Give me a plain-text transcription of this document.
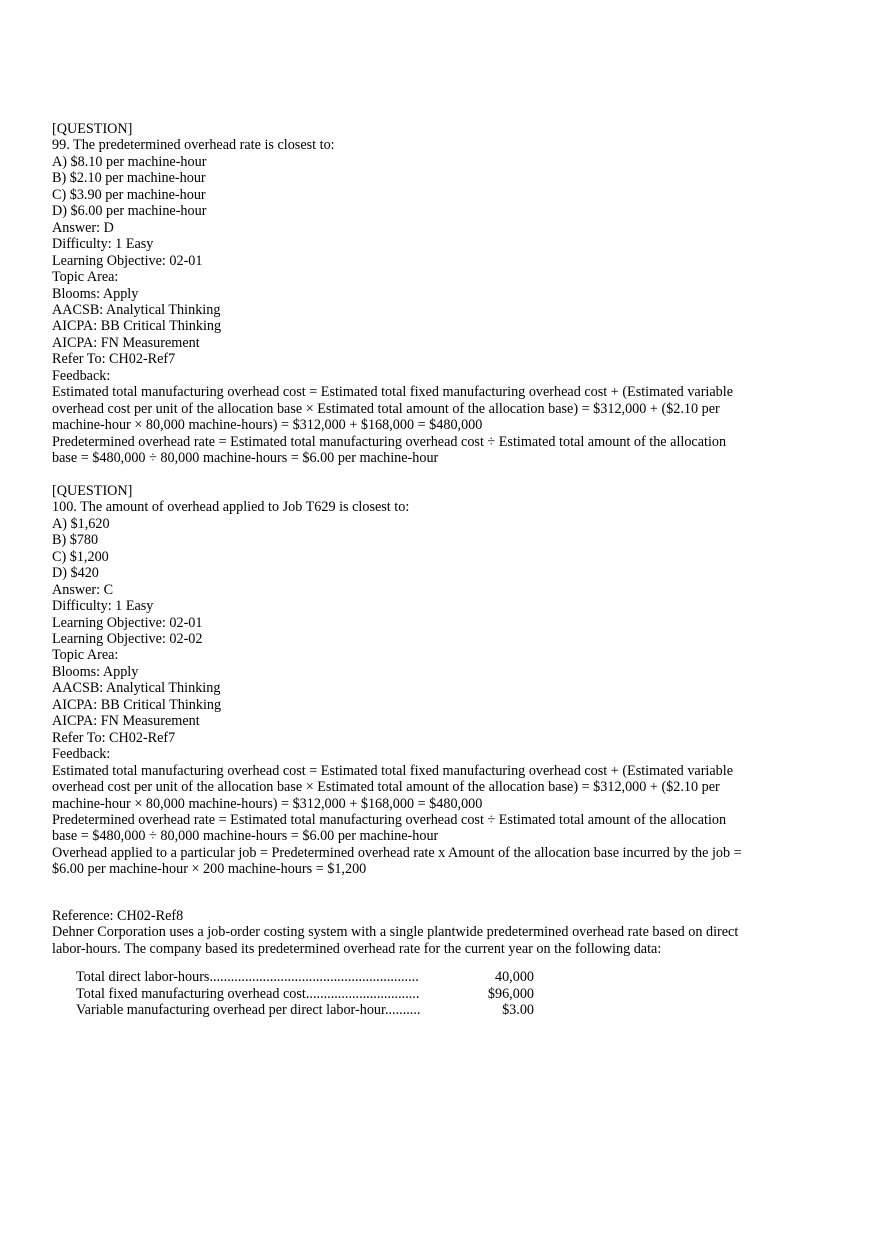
[QUESTION]
99. The predetermined overhead rate is closest to:
A) $8.10 per machine-hour
B) $2.10 per machine-hour
C) $3.90 per machine-hour
D) $6.00 per machine-hour
Answer: D
Difficulty: 1 Easy
Learning Objective: 02-01
Topic Area:
Blooms: Apply
AACSB: Analytical Thinking
AICPA: BB Critical Thinking
AICPA: FN Measurement
Refer To: CH02-Ref7
Feedback:
Estimated total manufacturing overhead cost = Estimated total fixed manufacturing overhead cost + (Estimated variable
overhead cost per unit of the allocation base × Estimated total amount of the allocation base) = $312,000 + ($2.10 per
machine-hour × 80,000 machine-hours) = $312,000 + $168,000 = $480,000
Predetermined overhead rate = Estimated total manufacturing overhead cost ÷ Estimated total amount of the allocation
base = $480,000 ÷ 80,000 machine-hours = $6.00 per machine-hour
[QUESTION]
100. The amount of overhead applied to Job T629 is closest to:
A) $1,620
B) $780
C) $1,200
D) $420
Answer: C
Difficulty: 1 Easy
Learning Objective: 02-01
Learning Objective: 02-02
Topic Area:
Blooms: Apply
AACSB: Analytical Thinking
AICPA: BB Critical Thinking
AICPA: FN Measurement
Refer To: CH02-Ref7
Feedback:
Estimated total manufacturing overhead cost = Estimated total fixed manufacturing overhead cost + (Estimated variable
overhead cost per unit of the allocation base × Estimated total amount of the allocation base) = $312,000 + ($2.10 per
machine-hour × 80,000 machine-hours) = $312,000 + $168,000 = $480,000
Predetermined overhead rate = Estimated total manufacturing overhead cost ÷ Estimated total amount of the allocation
base = $480,000 ÷ 80,000 machine-hours = $6.00 per machine-hour
Overhead applied to a particular job = Predetermined overhead rate x Amount of the allocation base incurred by the job =
$6.00 per machine-hour × 200 machine-hours = $1,200
Reference: CH02-Ref8
Dehner Corporation uses a job-order costing system with a single plantwide predetermined overhead rate based on direct
labor-hours. The company based its predetermined overhead rate for the current year on the following data:
Total direct labor-hours...........................................................	40,000
Total fixed manufacturing overhead cost................................	$96,000
Variable manufacturing overhead per direct labor-hour..........	$3.00
